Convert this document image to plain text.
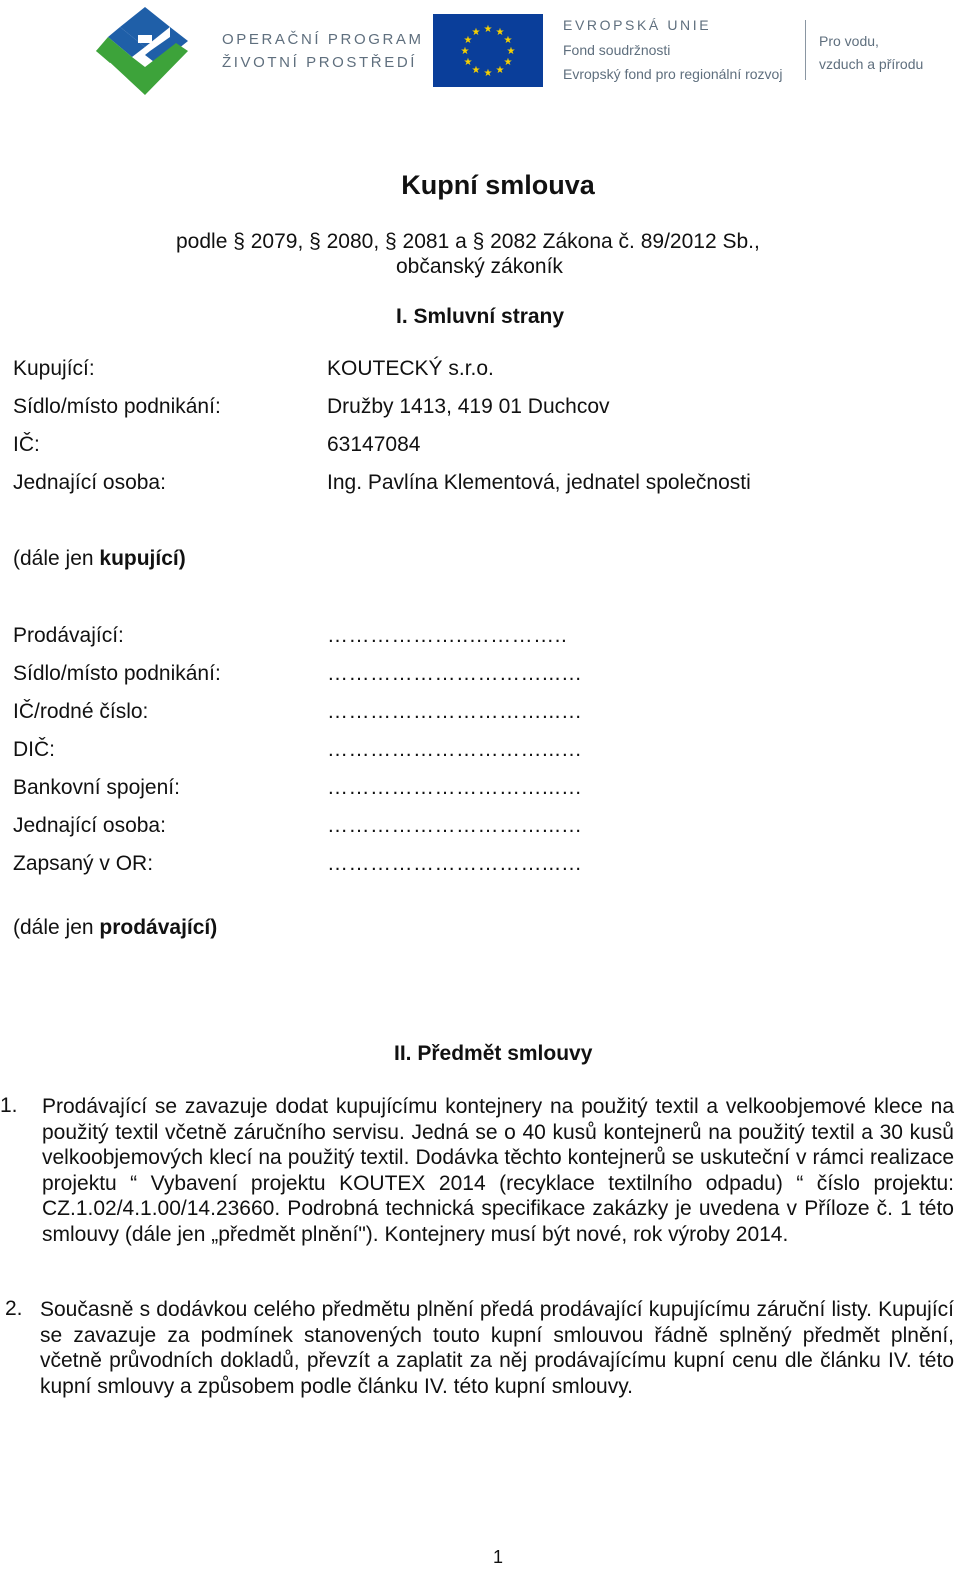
OPERAČNÍ PROGRAM
ŽIVOTNÍ PROSTŘEDÍ
★ ★
★
★
★
★
★
★
★
★
★
★	EVROPSKÁ UNIE
Fond soudržnosti
Evropský fond pro regionální rozvoj
Pro vodu,
vzduch a přírodu
Kupní smlouva
podle § 2079, § 2080, § 2081 a § 2082 Zákona č. 89/2012 Sb.,
občanský zákoník
I. Smluvní strany
Kupující:	KOUTECKÝ s.r.o.
Sídlo/místo podnikání:	Družby 1413, 419 01 Duchcov
IČ:	63147084
Jednající osoba:	Ing. Pavlína Klementová, jednatel společnosti
(dále jen kupující)
Prodávající:	………………..…………..
Sídlo/místo podnikání:	…………………………...…
IČ/rodné číslo:	…………………………...…
DIČ:	…………………………...…
Bankovní spojení:	…………………………...…
Jednající osoba:	…………………………...…
Zapsaný v OR:	…………………………...…
(dále jen prodávající)
II. Předmět smlouvy
1. Prodávající se zavazuje dodat kupujícímu kontejnery na použitý textil a velkoobjemové klece na použitý textil včetně záručního servisu. Jedná se o 40 kusů kontejnerů na použitý textil a 30 kusů velkoobjemových klecí na použitý textil. Dodávka těchto kontejnerů se uskuteční v rámci realizace projektu “ Vybavení projektu KOUTEX 2014 (recyklace textilního odpadu) “ číslo projektu: CZ.1.02/4.1.00/14.23660. Podrobná technická specifikace zakázky je uvedena v Příloze č. 1 této smlouvy (dále jen „předmět plnění"). Kontejnery musí být nové, rok výroby 2014.
2. Současně s dodávkou celého předmětu plnění předá prodávající kupujícímu záruční listy. Kupující se zavazuje za podmínek stanovených touto kupní smlouvou řádně splněný předmět plnění, včetně průvodních dokladů, převzít a zaplatit za něj prodávajícímu kupní cenu dle článku IV. této kupní smlouvy a způsobem podle článku IV. této kupní smlouvy.
1
